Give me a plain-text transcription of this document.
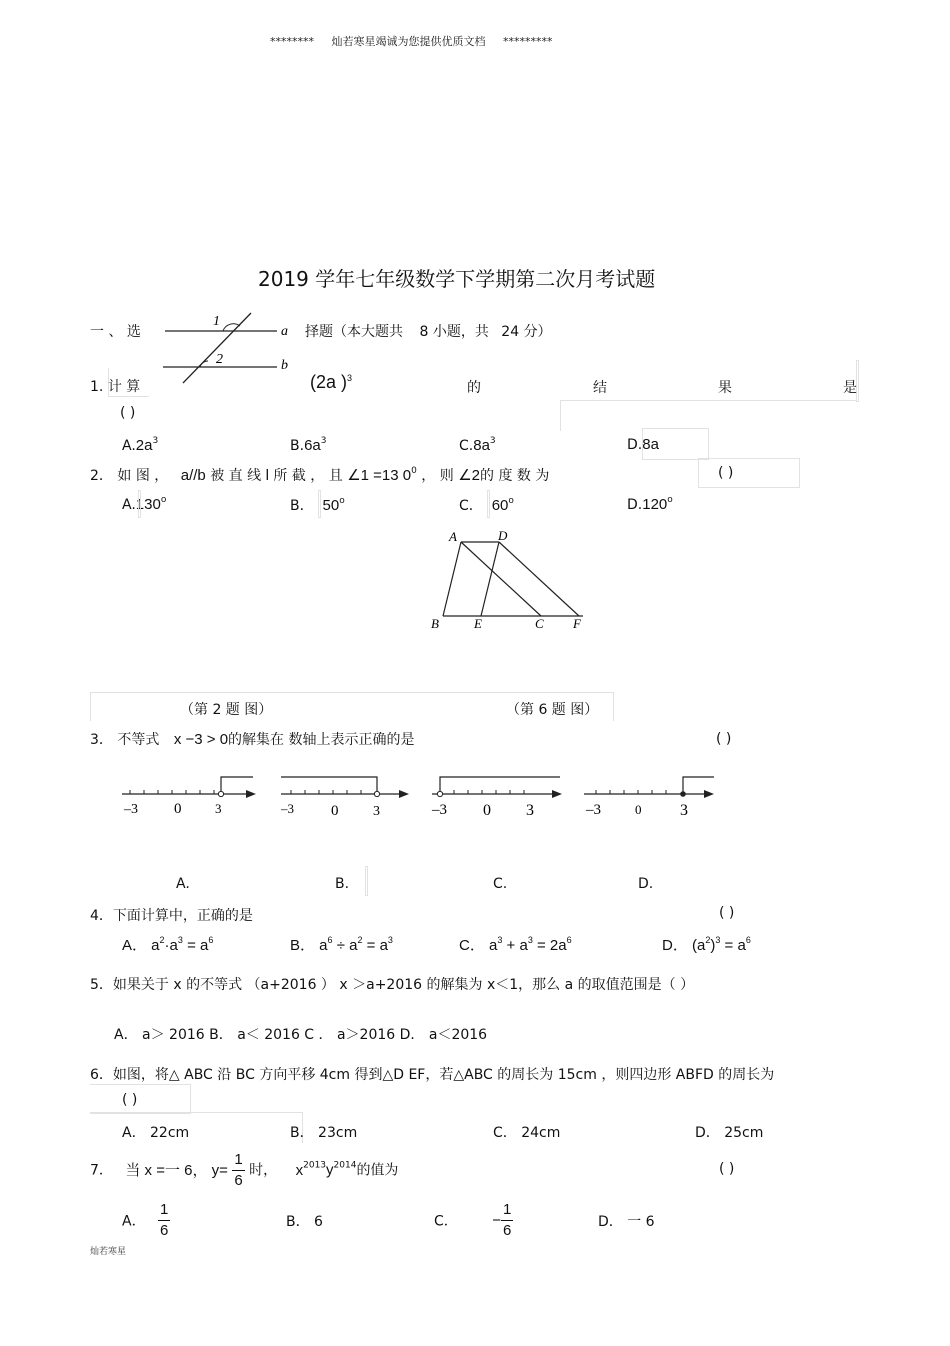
******** 灿若寒星竭诚为您提供优质文档 *********
2019 学年七年级数学下学期第二次月考试题
一 、 选	择题（本大题共 8 小题，共 24 分）
1
2
a
b
1. 计 算	(2a )$^3$
的	结	果	是
( )
$A.2a^3$	$B.6a^3$	$C.8a^3$	D.8a
2． 如 图 ， a//b 被 直 线 l 所 截 ， 且 ∠1 =13 $0^0$ ， 则 ∠2的 度 数 为	( )
A.130$^o$	B． 50$^o$	C． 60$^o$	D.120$^o$
A	D
B	E	C F
（第 2 题 图）	（第 6 题 图）
3． 不等式 x −3 > 0的解集在 数轴上表示正确的是	( )
–3 0	3	–3 0 3	–3 0 3	–3	0 3
A.	B.	C.	D.
4．下面计算中，正确的是	( )
A． $a^2\cdot a^3 = a^6$	B． $a^6 \div a^2 = a^3$	C． $a^3 + a^3 = 2a^6$	D． $(a^2)^3 = a^6$
5．如果关于 x 的不等式 （a+2016 ） x ＞a+2016 的解集为 x＜1，那么 a 的取值范围是（ ）
A． a＞ 2016 B． a＜ 2016 C ． a＞2016 D． a＜2016
6．如图，将△ ABC 沿 BC 方向平移 4cm 得到△D EF，若△ABC 的周长为 15cm ，则四边形 ABFD 的周长为
( )
A． 22cm	B． 23cm	C． 24cm	D． 25cm
7． 当 x =一 6， $y= \frac{1}{6}$ 时， $x^{2013}y^{2014}$的值为	( )
A． $\frac{1}{6}$	B． 6	C． − $\frac{1}{6}$	D． 一 6
灿若寒星
